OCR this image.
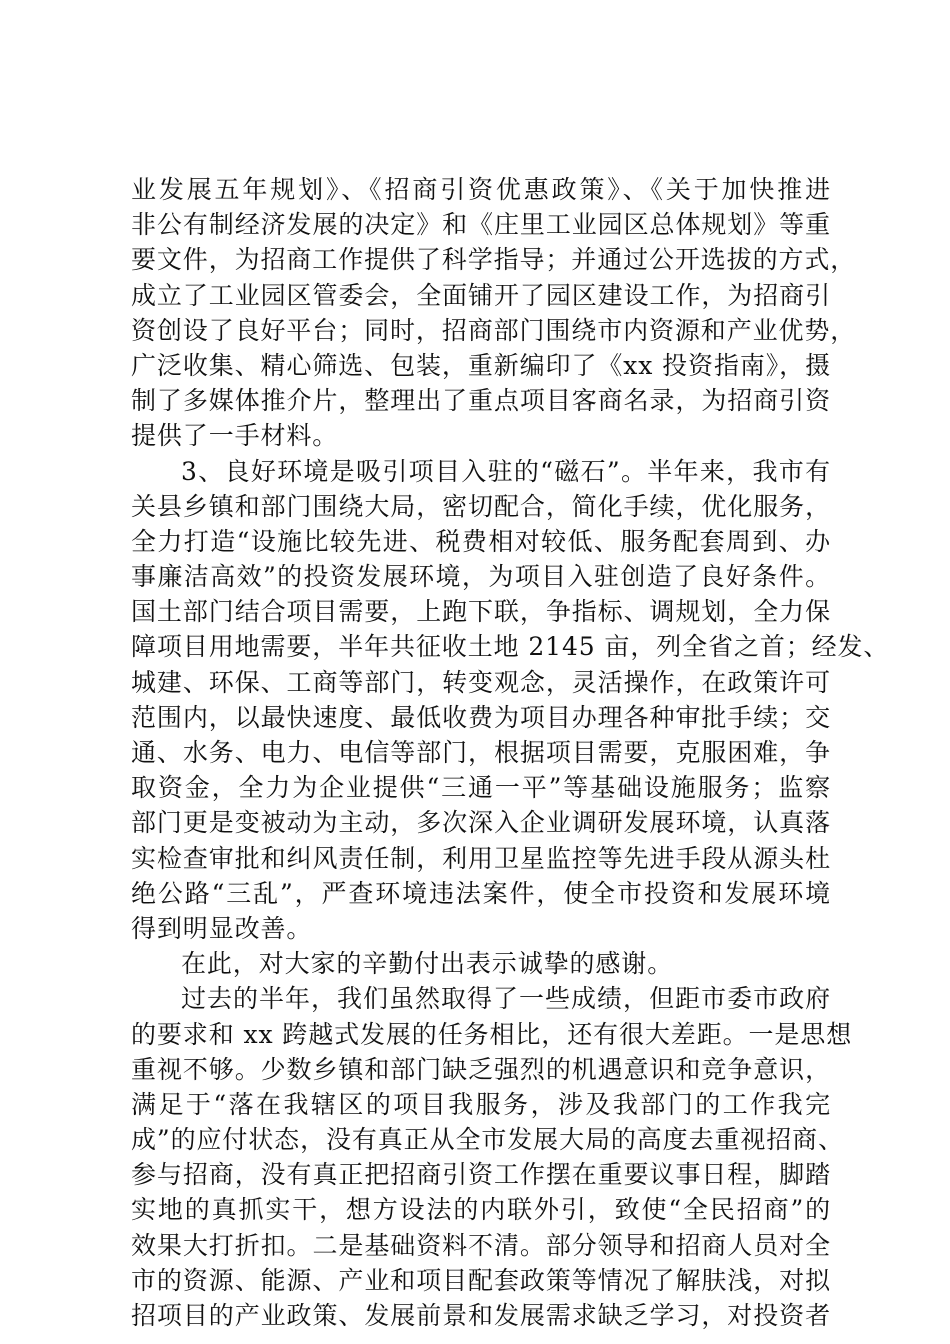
业发展五年规划》、《招商引资优惠政策》、《关于加快推进
非公有制经济发展的决定》和《庄里工业园区总体规划》等重
要文件，为招商工作提供了科学指导；并通过公开选拔的方式，
成立了工业园区管委会，全面铺开了园区建设工作，为招商引
资创设了良好平台；同时，招商部门围绕市内资源和产业优势，
广泛收集、精心筛选、包装，重新编印了《xx 投资指南》，摄
制了多媒体推介片，整理出了重点项目客商名录，为招商引资
提供了一手材料。
3、良好环境是吸引项目入驻的“磁石”。半年来，我市有
关县乡镇和部门围绕大局，密切配合，简化手续，优化服务，
全力打造“设施比较先进、税费相对较低、服务配套周到、办
事廉洁高效”的投资发展环境，为项目入驻创造了良好条件。
国土部门结合项目需要，上跑下联，争指标、调规划，全力保
障项目用地需要，半年共征收土地 2145 亩，列全省之首；经发、
城建、环保、工商等部门，转变观念，灵活操作，在政策许可
范围内，以最快速度、最低收费为项目办理各种审批手续；交
通、水务、电力、电信等部门，根据项目需要，克服困难，争
取资金，全力为企业提供“三通一平”等基础设施服务；监察
部门更是变被动为主动，多次深入企业调研发展环境，认真落
实检查审批和纠风责任制，利用卫星监控等先进手段从源头杜
绝公路“三乱”，严查环境违法案件，使全市投资和发展环境
得到明显改善。
在此，对大家的辛勤付出表示诚挚的感谢。
过去的半年，我们虽然取得了一些成绩，但距市委市政府
的要求和 xx 跨越式发展的任务相比，还有很大差距。一是思想
重视不够。少数乡镇和部门缺乏强烈的机遇意识和竞争意识，
满足于“落在我辖区的项目我服务，涉及我部门的工作我完
成”的应付状态，没有真正从全市发展大局的高度去重视招商、
参与招商，没有真正把招商引资工作摆在重要议事日程，脚踏
实地的真抓实干，想方设法的内联外引，致使“全民招商”的
效果大打折扣。二是基础资料不清。部分领导和招商人员对全
市的资源、能源、产业和项目配套政策等情况了解肤浅，对拟
招项目的产业政策、发展前景和发展需求缺乏学习，对投资者
